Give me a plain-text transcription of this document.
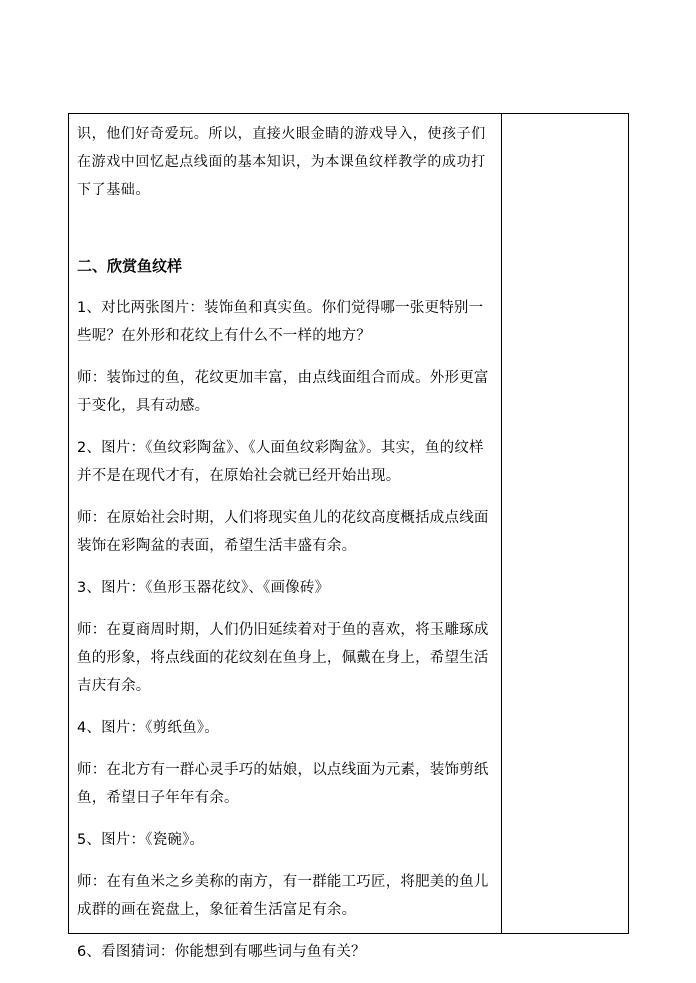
识，他们好奇爱玩。所以，直接火眼金睛的游戏导入，使孩子们在游戏中回忆起点线面的基本知识，为本课鱼纹样教学的成功打下了基础。

二、欣赏鱼纹样

1、对比两张图片：装饰鱼和真实鱼。你们觉得哪一张更特别一些呢？在外形和花纹上有什么不一样的地方？

师：装饰过的鱼，花纹更加丰富，由点线面组合而成。外形更富于变化，具有动感。

2、图片：《鱼纹彩陶盆》、《人面鱼纹彩陶盆》。其实，鱼的纹样并不是在现代才有，在原始社会就已经开始出现。

师：在原始社会时期，人们将现实鱼儿的花纹高度概括成点线面装饰在彩陶盆的表面，希望生活丰盛有余。

3、图片：《鱼形玉器花纹》、《画像砖》

师：在夏商周时期，人们仍旧延续着对于鱼的喜欢，将玉雕琢成鱼的形象，将点线面的花纹刻在鱼身上，佩戴在身上，希望生活吉庆有余。

4、图片：《剪纸鱼》。

师：在北方有一群心灵手巧的姑娘，以点线面为元素，装饰剪纸鱼，希望日子年年有余。

5、图片：《瓷碗》。

师：在有鱼米之乡美称的南方，有一群能工巧匠，将肥美的鱼儿成群的画在瓷盘上，象征着生活富足有余。

6、看图猜词：你能想到有哪些词与鱼有关？
